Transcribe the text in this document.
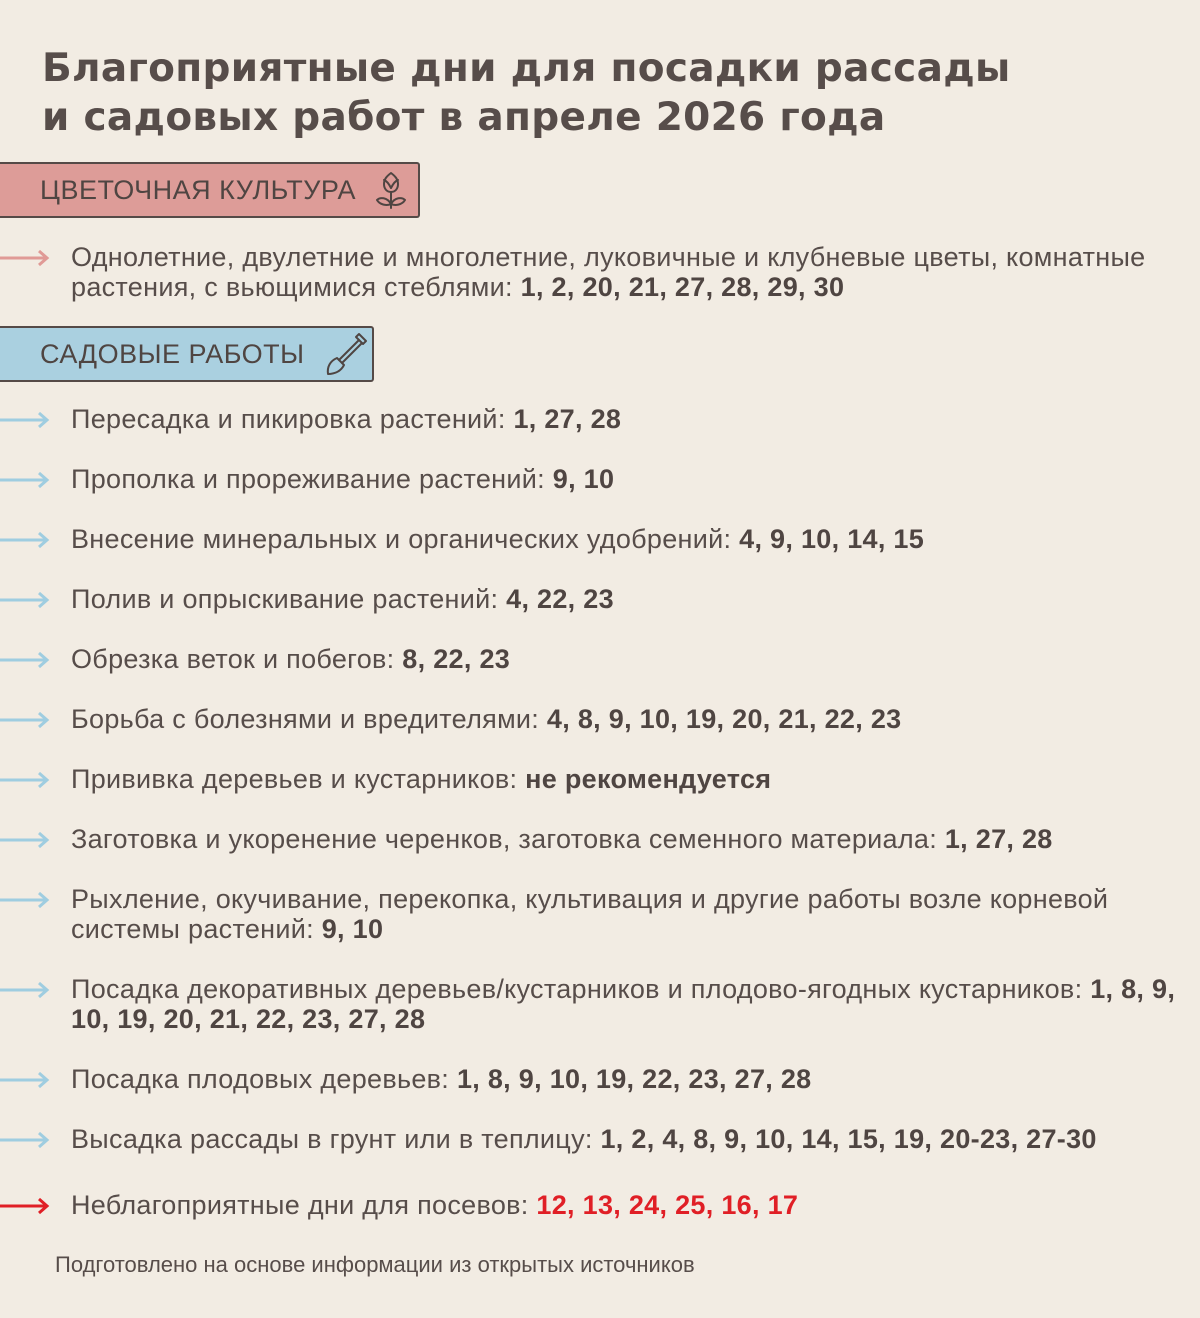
Благоприятные дни для посадки рассады
и садовых работ в апреле 2026 года
ЦВЕТОЧНАЯ КУЛЬТУРА
Однолетние, двулетние и многолетние, луковичные и клубневые цветы, комнатные растения, с вьющимися стеблями: 1, 2, 20, 21, 27, 28, 29, 30
САДОВЫЕ РАБОТЫ
Пересадка и пикировка растений: 1, 27, 28
Прополка и прореживание растений: 9, 10
Внесение минеральных и органических удобрений: 4, 9, 10, 14, 15
Полив и опрыскивание растений: 4, 22, 23
Обрезка веток и побегов: 8, 22, 23
Борьба с болезнями и вредителями: 4, 8, 9, 10, 19, 20, 21, 22, 23
Прививка деревьев и кустарников: не рекомендуется
Заготовка и укоренение черенков, заготовка семенного материала: 1, 27, 28
Рыхление, окучивание, перекопка, культивация и другие работы возле корневой системы растений: 9, 10
Посадка декоративных деревьев/кустарников и плодово-ягодных кустарников: 1, 8, 9, 10, 19, 20, 21, 22, 23, 27, 28
Посадка плодовых деревьев: 1, 8, 9, 10, 19, 22, 23, 27, 28
Высадка рассады в грунт или в теплицу: 1, 2, 4, 8, 9, 10, 14, 15, 19, 20-23, 27-30
Неблагоприятные дни для посевов: 12, 13, 24, 25, 16, 17
Подготовлено на основе информации из открытых источников
